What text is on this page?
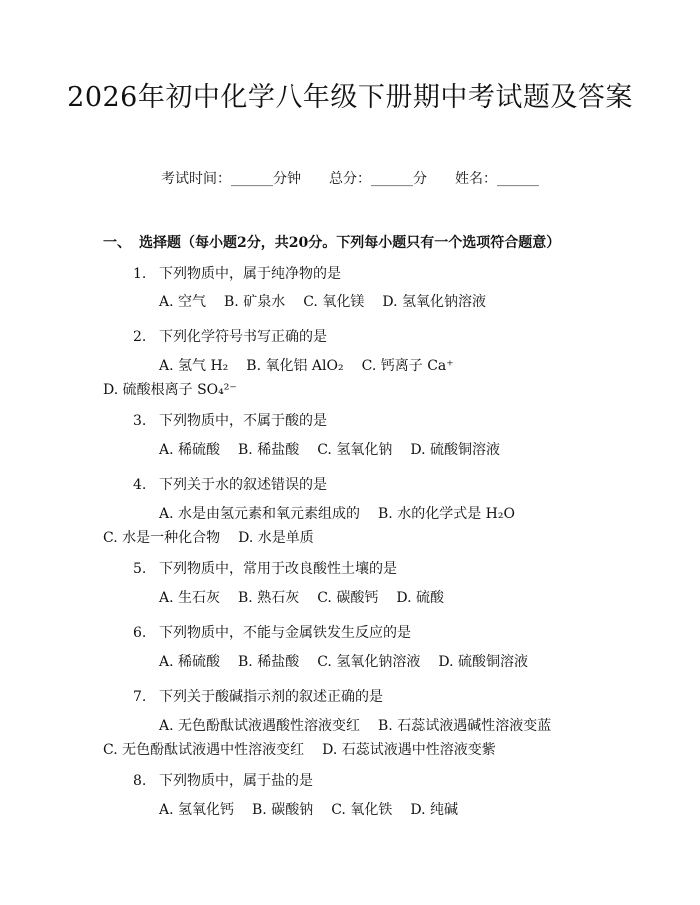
2026年初中化学八年级下册期中考试题及答案
考试时间：______分钟 总分：______分 姓名：______
一、 选择题（每小题2分，共20分。下列每小题只有一个选项符合题意）
1. 下列物质中，属于纯净物的是
A. 空气 B. 矿泉水 C. 氧化镁 D. 氢氧化钠溶液
2. 下列化学符号书写正确的是
A. 氢气 H₂ B. 氧化铝 AlO₂ C. 钙离子 Ca⁺D. 硫酸根离子 SO₄²⁻
3. 下列物质中，不属于酸的是
A. 稀硫酸 B. 稀盐酸 C. 氢氧化钠 D. 硫酸铜溶液
4. 下列关于水的叙述错误的是
A. 水是由氢元素和氧元素组成的 B. 水的化学式是 H₂OC. 水是一种化合物 D. 水是单质
5. 下列物质中，常用于改良酸性土壤的是
A. 生石灰 B. 熟石灰 C. 碳酸钙 D. 硫酸
6. 下列物质中，不能与金属铁发生反应的是
A. 稀硫酸 B. 稀盐酸 C. 氢氧化钠溶液 D. 硫酸铜溶液
7. 下列关于酸碱指示剂的叙述正确的是
A. 无色酚酞试液遇酸性溶液变红 B. 石蕊试液遇碱性溶液变蓝C. 无色酚酞试液遇中性溶液变红 D. 石蕊试液遇中性溶液变紫
8. 下列物质中，属于盐的是
A. 氢氧化钙 B. 碳酸钠 C. 氧化铁 D. 纯碱
